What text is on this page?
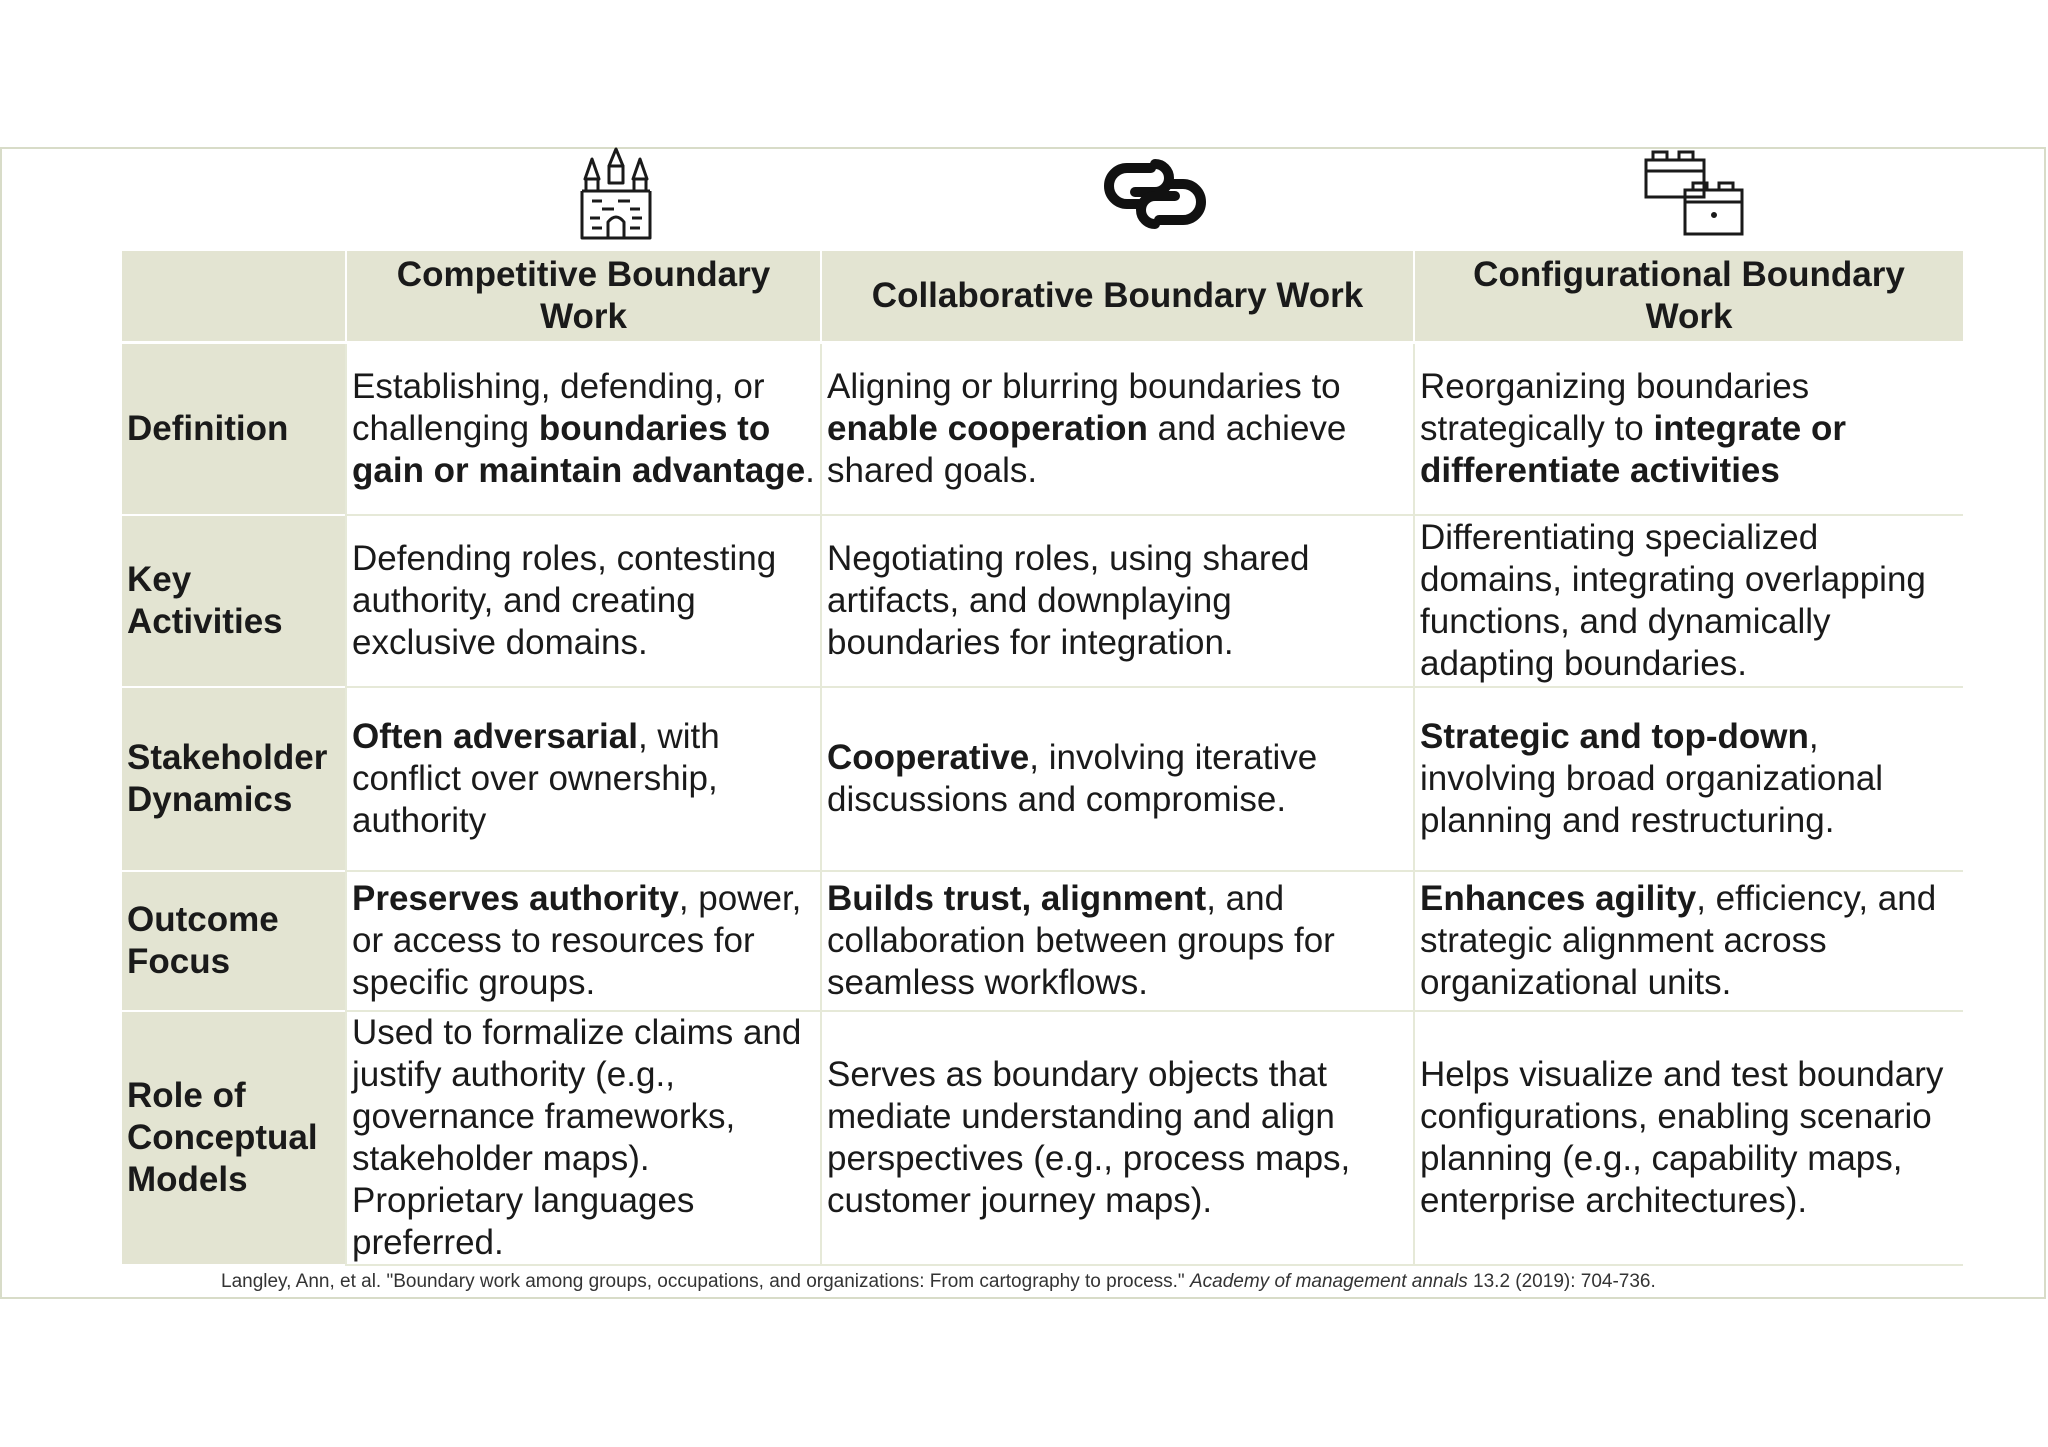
Competitive Boundary Work
Collaborative Boundary Work
Configurational Boundary Work
Definition
Establishing, defending, or challenging boundaries to gain or maintain advantage.
Aligning or blurring boundaries to enable cooperation and achieve shared goals.
Reorganizing boundaries strategically to integrate or differentiate activities
Key Activities
Defending roles, contesting authority, and creating exclusive domains.
Negotiating roles, using shared artifacts, and downplaying boundaries for integration.
Differentiating specialized domains, integrating overlapping functions, and dynamically adapting boundaries.
Stakeholder Dynamics
Often adversarial, with conflict over ownership, authority
Cooperative, involving iterative discussions and compromise.
Strategic and top-down, involving broad organizational planning and restructuring.
Outcome Focus
Preserves authority, power, or access to resources for specific groups.
Builds trust, alignment, and collaboration between groups for seamless workflows.
Enhances agility, efficiency, and strategic alignment across organizational units.
Role of Conceptual Models
Used to formalize claims and justify authority (e.g., governance frameworks, stakeholder maps). Proprietary languages preferred.
Serves as boundary objects that mediate understanding and align perspectives (e.g., process maps, customer journey maps).
Helps visualize and test boundary configurations, enabling scenario planning (e.g., capability maps, enterprise architectures).
Langley, Ann, et al. "Boundary work among groups, occupations, and organizations: From cartography to process." Academy of management annals 13.2 (2019): 704-736.
